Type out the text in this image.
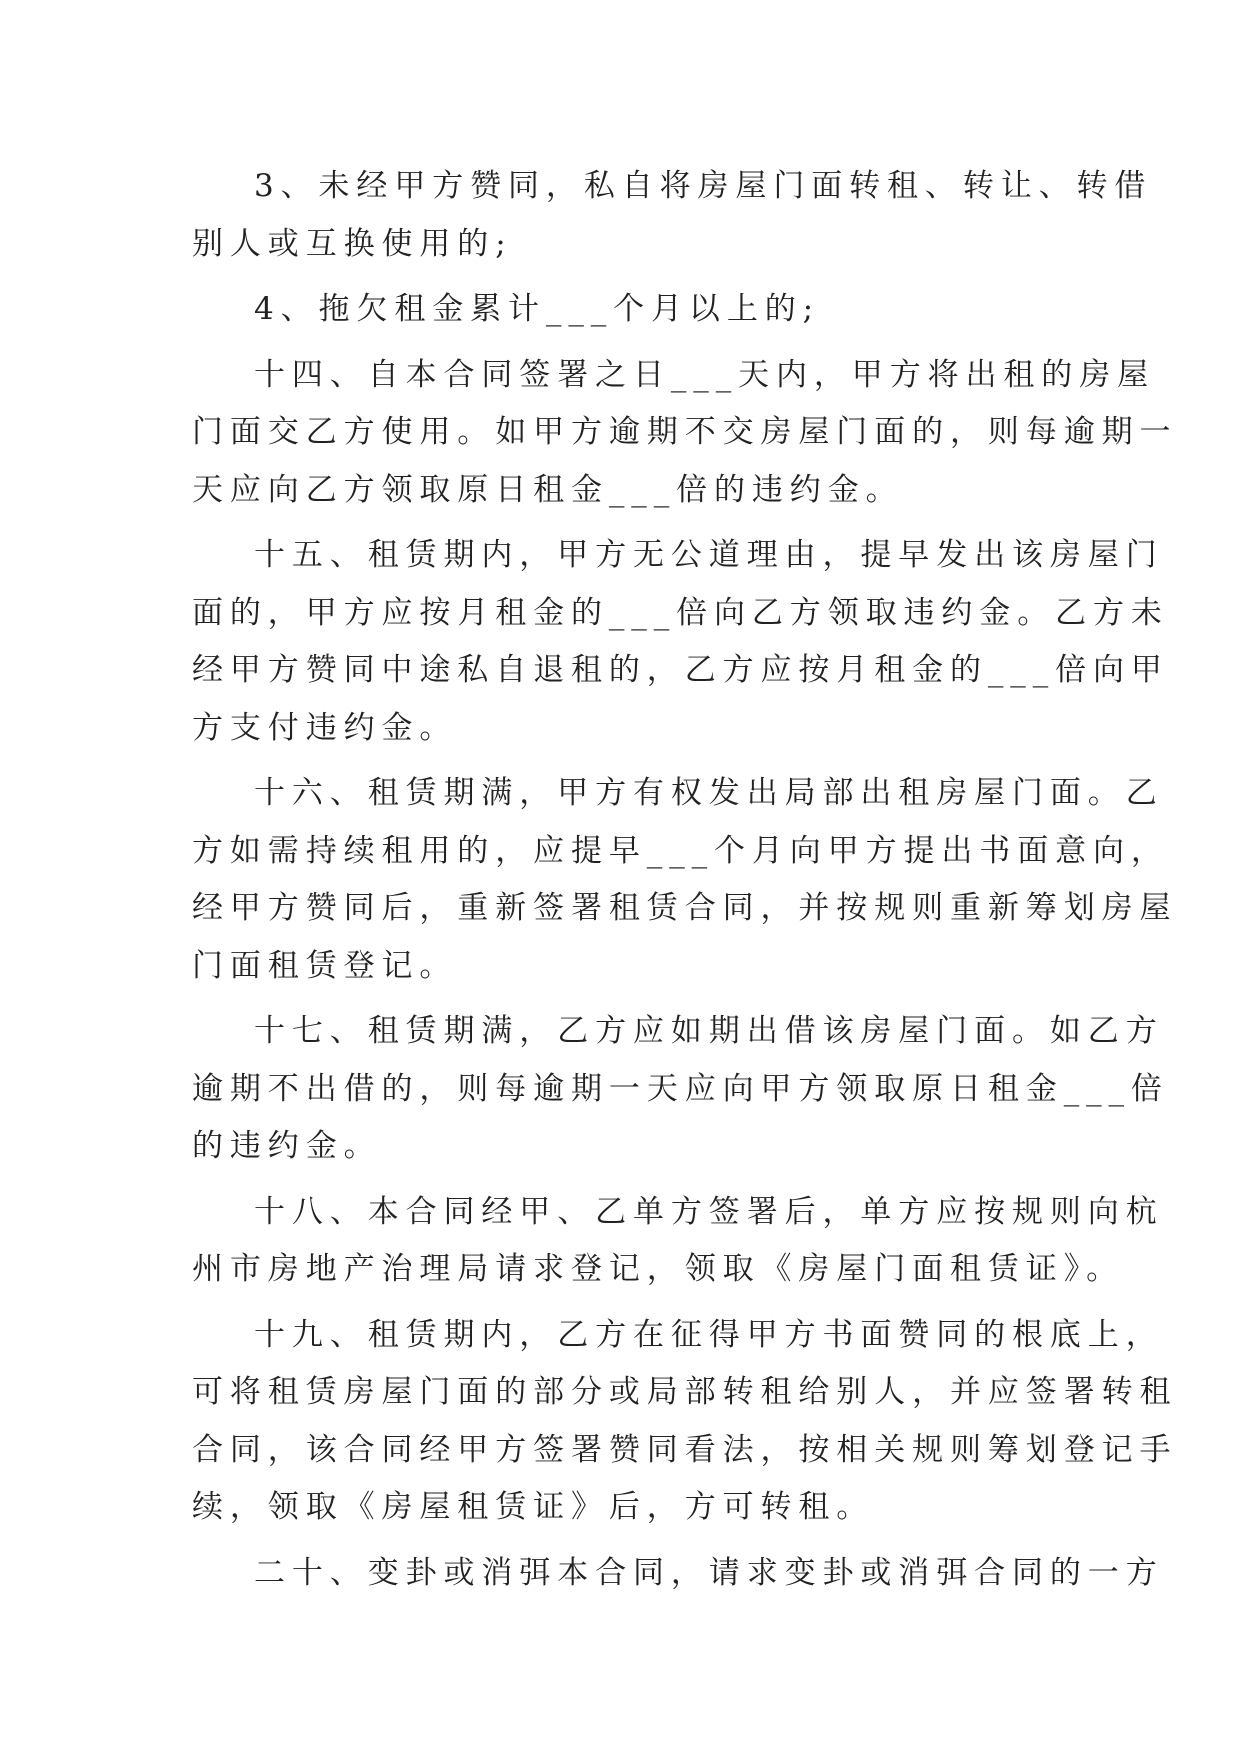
3、未经甲方赞同，私自将房屋门面转租、转让、转借
别人或互换使用的;

4、拖欠租金累计___个月以上的;

十四、自本合同签署之日___天内，甲方将出租的房屋
门面交乙方使用。如甲方逾期不交房屋门面的，则每逾期一
天应向乙方领取原日租金___倍的违约金。

十五、租赁期内，甲方无公道理由，提早发出该房屋门
面的，甲方应按月租金的___倍向乙方领取违约金。乙方未
经甲方赞同中途私自退租的，乙方应按月租金的___倍向甲
方支付违约金。

十六、租赁期满，甲方有权发出局部出租房屋门面。乙
方如需持续租用的，应提早___个月向甲方提出书面意向，
经甲方赞同后，重新签署租赁合同，并按规则重新筹划房屋
门面租赁登记。

十七、租赁期满，乙方应如期出借该房屋门面。如乙方
逾期不出借的，则每逾期一天应向甲方领取原日租金___倍
的违约金。

十八、本合同经甲、乙单方签署后，单方应按规则向杭
州市房地产治理局请求登记，领取《房屋门面租赁证》。

十九、租赁期内，乙方在征得甲方书面赞同的根底上，
可将租赁房屋门面的部分或局部转租给别人，并应签署转租
合同，该合同经甲方签署赞同看法，按相关规则筹划登记手
续，领取《房屋租赁证》后，方可转租。

二十、变卦或消弭本合同，请求变卦或消弭合同的一方
